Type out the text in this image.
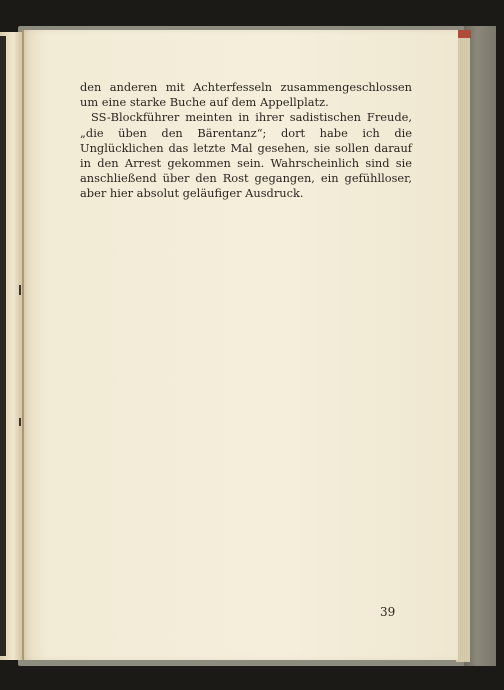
den anderen mit Achterfesseln zusammengeschlossen um eine starke Buche auf dem Appellplatz.

SS-Blockführer meinten in ihrer sadistischen Freude, „die üben den Bärentanz“; dort habe ich die Unglücklichen das letzte Mal gesehen, sie sollen darauf in den Arrest gekommen sein. Wahrscheinlich sind sie anschließend über den Rost gegangen, ein gefühlloser, aber hier absolut geläufiger Ausdruck.

39
